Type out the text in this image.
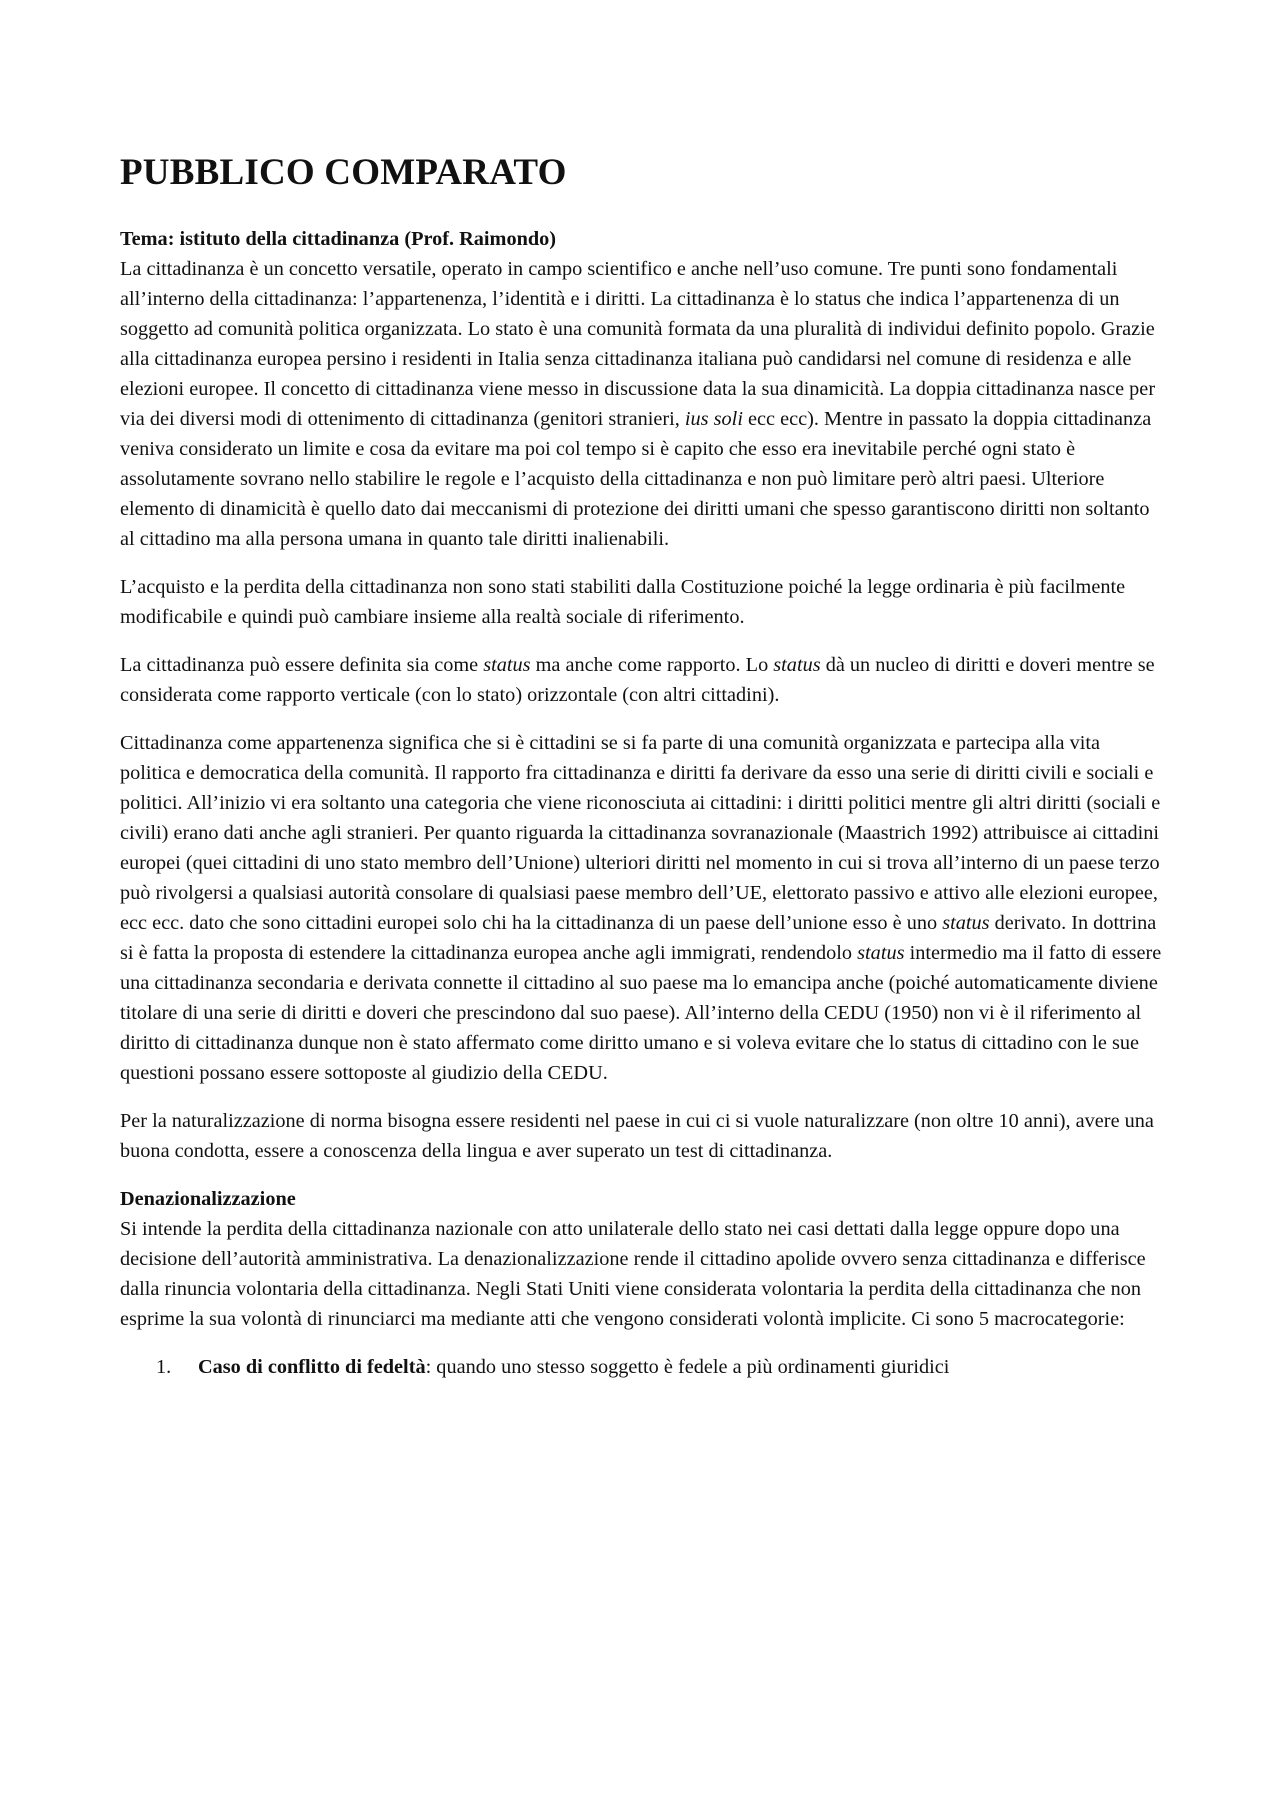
PUBBLICO COMPARATO

Tema: istituto della cittadinanza (Prof. Raimondo)
La cittadinanza è un concetto versatile, operato in campo scientifico e anche nell’uso comune. Tre punti sono fondamentali all’interno della cittadinanza: l’appartenenza, l’identità e i diritti. La cittadinanza è lo status che indica l’appartenenza di un soggetto ad comunità politica organizzata. Lo stato è una comunità formata da una pluralità di individui definito popolo. Grazie alla cittadinanza europea persino i residenti in Italia senza cittadinanza italiana può candidarsi nel comune di residenza e alle elezioni europee. Il concetto di cittadinanza viene messo in discussione data la sua dinamicità. La doppia cittadinanza nasce per via dei diversi modi di ottenimento di cittadinanza (genitori stranieri, ius soli ecc ecc). Mentre in passato la doppia cittadinanza veniva considerato un limite e cosa da evitare ma poi col tempo si è capito che esso era inevitabile perché ogni stato è assolutamente sovrano nello stabilire le regole e l’acquisto della cittadinanza e non può limitare però altri paesi. Ulteriore elemento di dinamicità è quello dato dai meccanismi di protezione dei diritti umani che spesso garantiscono diritti non soltanto al cittadino ma alla persona umana in quanto tale diritti inalienabili.

L’acquisto e la perdita della cittadinanza non sono stati stabiliti dalla Costituzione poiché la legge ordinaria è più facilmente modificabile e quindi può cambiare insieme alla realtà sociale di riferimento.

La cittadinanza può essere definita sia come status ma anche come rapporto. Lo status dà un nucleo di diritti e doveri mentre se considerata come rapporto verticale (con lo stato) orizzontale (con altri cittadini).

Cittadinanza come appartenenza significa che si è cittadini se si fa parte di una comunità organizzata e partecipa alla vita politica e democratica della comunità. Il rapporto fra cittadinanza e diritti fa derivare da esso una serie di diritti civili e sociali e politici. All’inizio vi era soltanto una categoria che viene riconosciuta ai cittadini: i diritti politici mentre gli altri diritti (sociali e civili) erano dati anche agli stranieri. Per quanto riguarda la cittadinanza sovranazionale (Maastrich 1992) attribuisce ai cittadini europei (quei cittadini di uno stato membro dell’Unione) ulteriori diritti nel momento in cui si trova all’interno di un paese terzo può rivolgersi a qualsiasi autorità consolare di qualsiasi paese membro dell’UE, elettorato passivo e attivo alle elezioni europee, ecc ecc. dato che sono cittadini europei solo chi ha la cittadinanza di un paese dell’unione esso è uno status derivato. In dottrina si è fatta la proposta di estendere la cittadinanza europea anche agli immigrati, rendendolo status intermedio ma il fatto di essere una cittadinanza secondaria e derivata connette il cittadino al suo paese ma lo emancipa anche (poiché automaticamente diviene titolare di una serie di diritti e doveri che prescindono dal suo paese). All’interno della CEDU (1950) non vi è il riferimento al diritto di cittadinanza dunque non è stato affermato come diritto umano e si voleva evitare che lo status di cittadino con le sue questioni possano essere sottoposte al giudizio della CEDU.

Per la naturalizzazione di norma bisogna essere residenti nel paese in cui ci si vuole naturalizzare (non oltre 10 anni), avere una buona condotta, essere a conoscenza della lingua e aver superato un test di cittadinanza.

Denazionalizzazione
Si intende la perdita della cittadinanza nazionale con atto unilaterale dello stato nei casi dettati dalla legge oppure dopo una decisione dell’autorità amministrativa. La denazionalizzazione rende il cittadino apolide ovvero senza cittadinanza e differisce dalla rinuncia volontaria della cittadinanza. Negli Stati Uniti viene considerata volontaria la perdita della cittadinanza che non esprime la sua volontà di rinunciarci ma mediante atti che vengono considerati volontà implicite. Ci sono 5 macrocategorie:

1. Caso di conflitto di fedeltà: quando uno stesso soggetto è fedele a più ordinamenti giuridici
